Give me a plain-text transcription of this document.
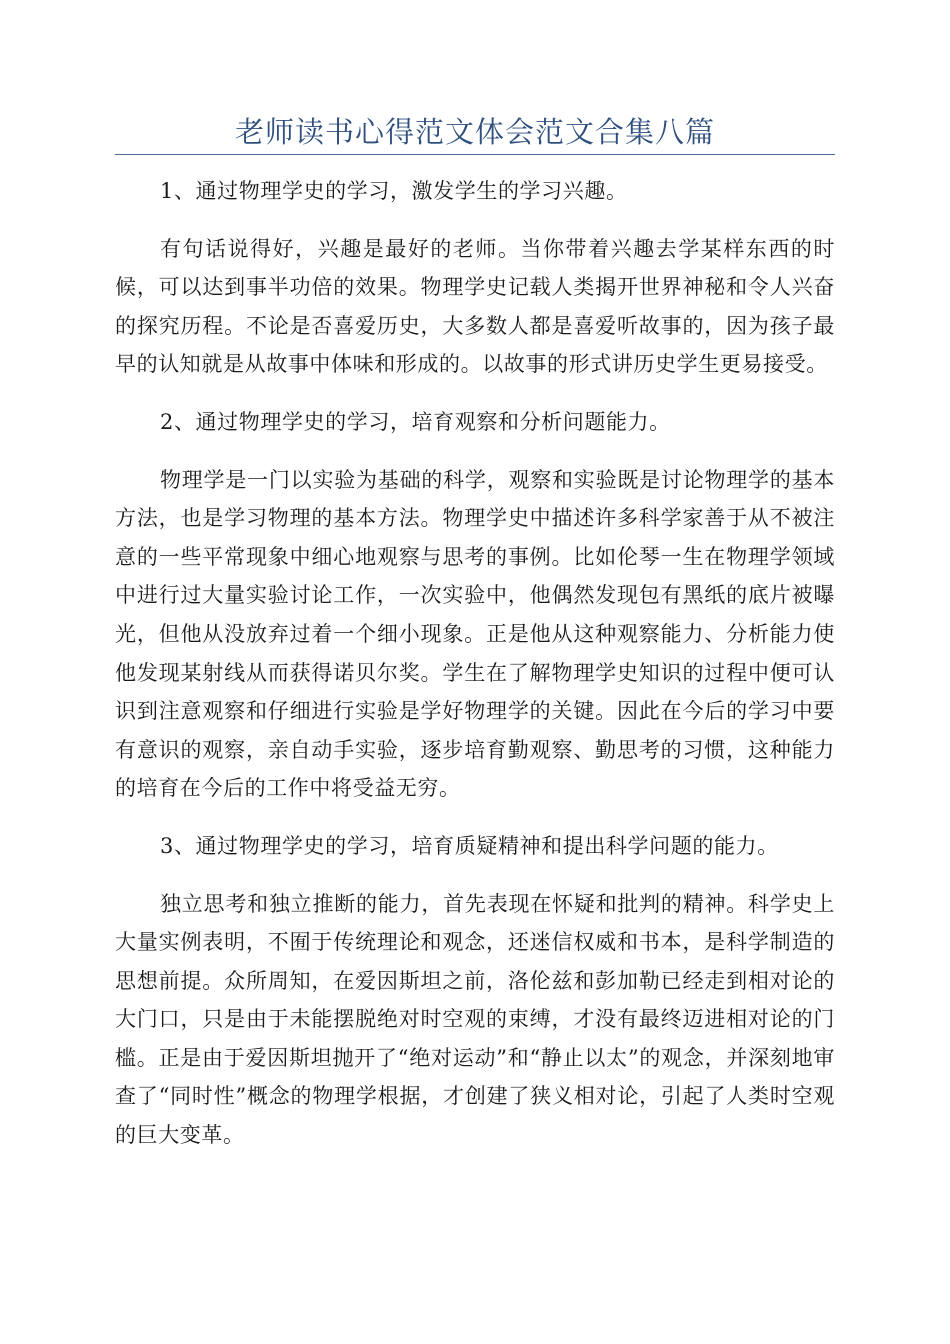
老师读书心得范文体会范文合集八篇

1、通过物理学史的学习，激发学生的学习兴趣。

有句话说得好，兴趣是最好的老师。当你带着兴趣去学某样东西的时候，可以达到事半功倍的效果。物理学史记载人类揭开世界神秘和令人兴奋的探究历程。不论是否喜爱历史，大多数人都是喜爱听故事的，因为孩子最早的认知就是从故事中体味和形成的。以故事的形式讲历史学生更易接受。

2、通过物理学史的学习，培育观察和分析问题能力。

物理学是一门以实验为基础的科学，观察和实验既是讨论物理学的基本方法，也是学习物理的基本方法。物理学史中描述许多科学家善于从不被注意的一些平常现象中细心地观察与思考的事例。比如伦琴一生在物理学领域中进行过大量实验讨论工作，一次实验中，他偶然发现包有黑纸的底片被曝光，但他从没放弃过着一个细小现象。正是他从这种观察能力、分析能力使他发现某射线从而获得诺贝尔奖。学生在了解物理学史知识的过程中便可认识到注意观察和仔细进行实验是学好物理学的关键。因此在今后的学习中要有意识的观察，亲自动手实验，逐步培育勤观察、勤思考的习惯，这种能力的培育在今后的工作中将受益无穷。

3、通过物理学史的学习，培育质疑精神和提出科学问题的能力。

独立思考和独立推断的能力，首先表现在怀疑和批判的精神。科学史上大量实例表明，不囿于传统理论和观念，还迷信权威和书本，是科学制造的思想前提。众所周知，在爱因斯坦之前，洛伦兹和彭加勒已经走到相对论的大门口，只是由于未能摆脱绝对时空观的束缚，才没有最终迈进相对论的门槛。正是由于爱因斯坦抛开了“绝对运动”和“静止以太”的观念，并深刻地审查了“同时性”概念的物理学根据，才创建了狭义相对论，引起了人类时空观的巨大变革。
